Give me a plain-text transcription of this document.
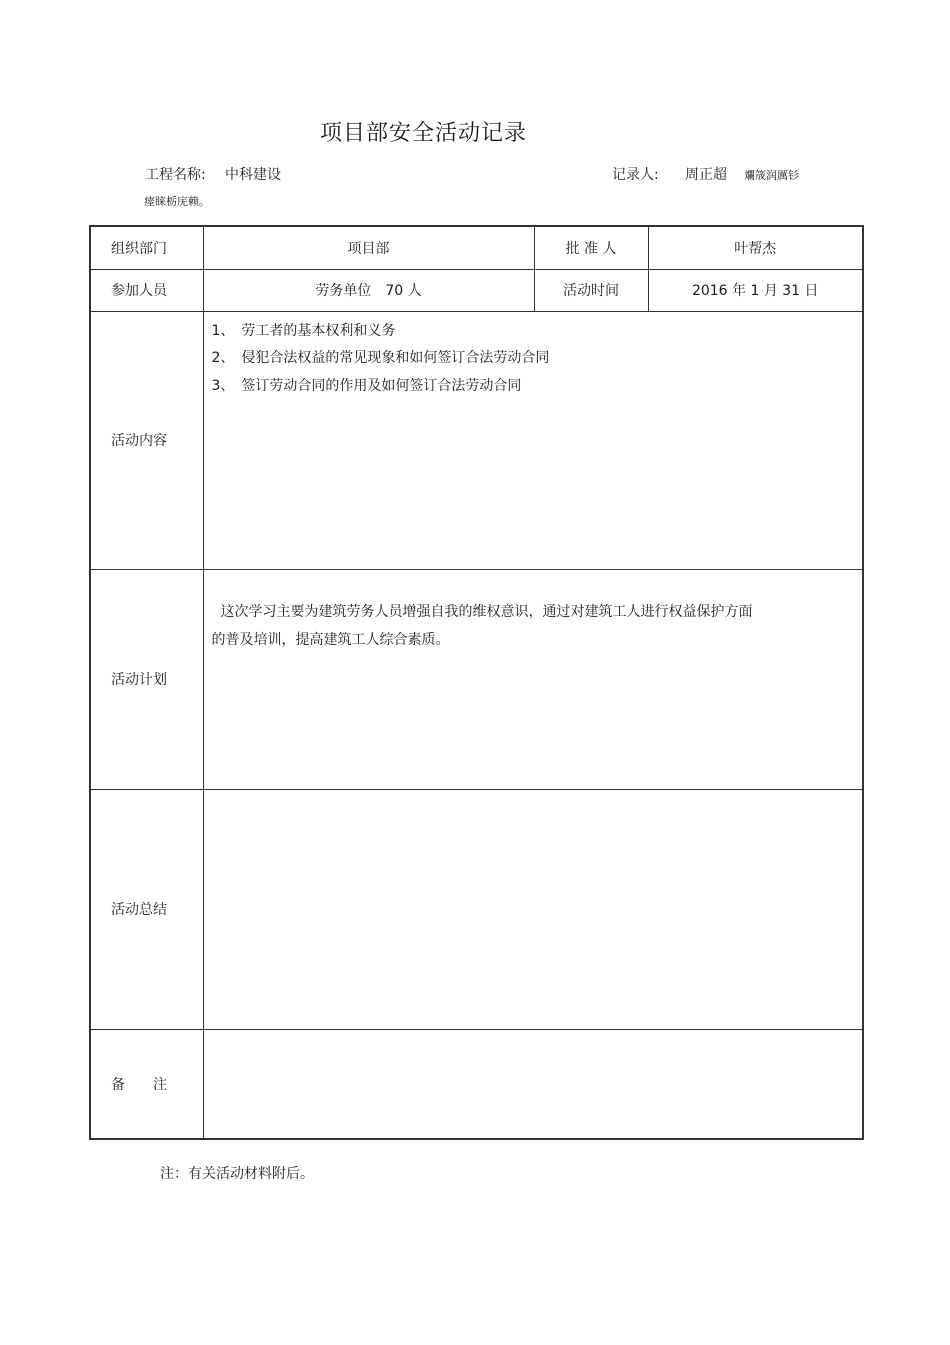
项目部安全活动记录
工程名称: 中科建设	记录人: 周正超 斕筬润厲钐
瘗睐栃庑赖。
组织部门	项目部	批 准 人	叶帮杰
参加人员	劳务单位　70 人	活动时间	2016 年 1 月 31 日
活动内容	1、　劳工者的基本权利和义务

2、　侵犯合法权益的常见现象和如何签订合法劳动合同

3、　签订劳动合同的作用及如何签订合法劳动合同		

活动计划	这次学习主要为建筑劳务人员增强自我的维权意识，通过对建筑工人进行权益保护方面

的普及培训，提高建筑工人综合素质。		

活动总结			
备　　注			
注：有关活动材料附后。
